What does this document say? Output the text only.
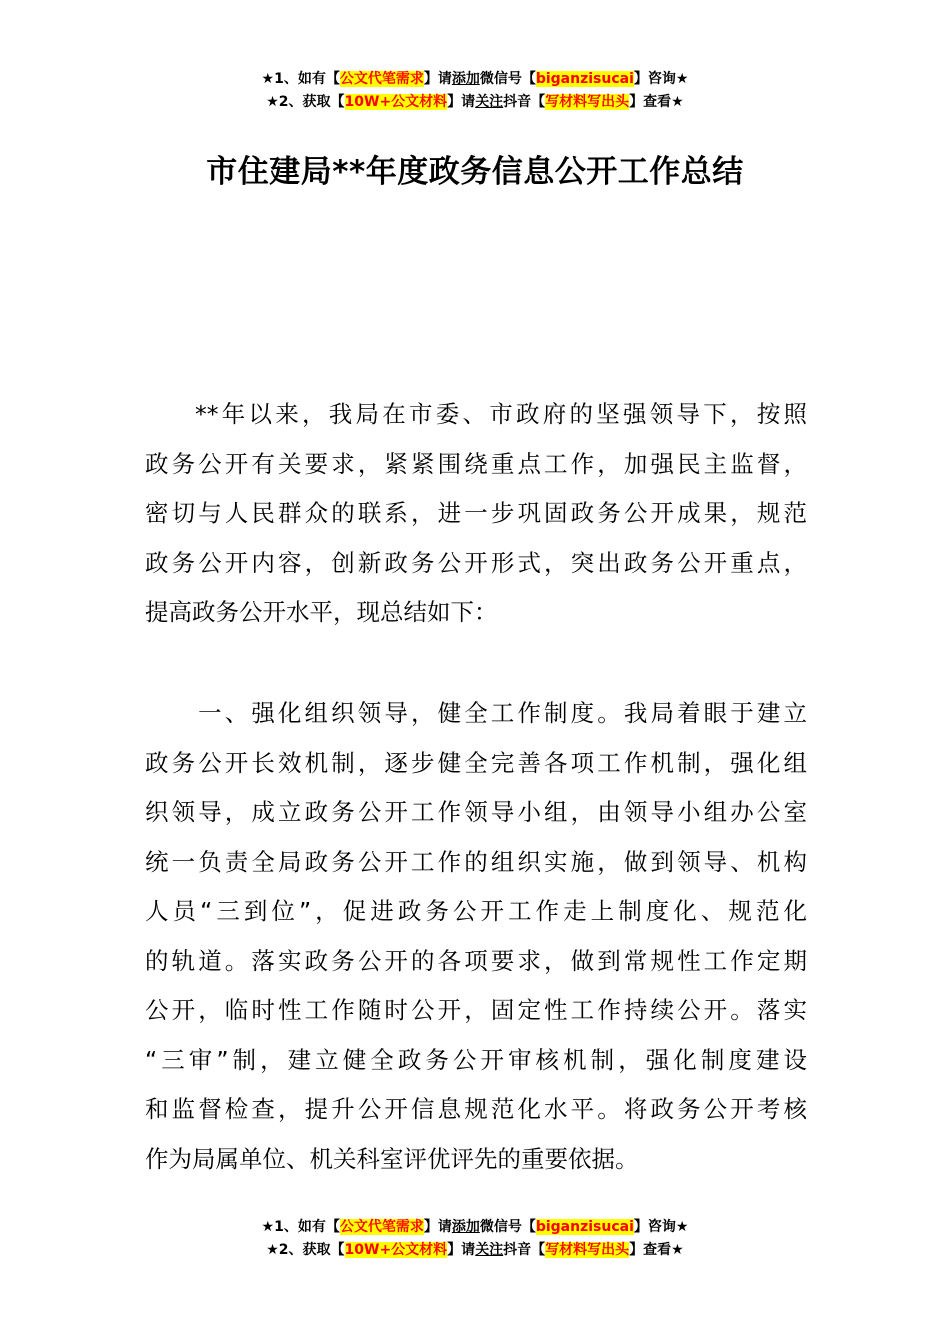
★1、如有【公文代笔需求】请添加微信号【biganzisucai】咨询★
★2、获取【10W+公文材料】请关注抖音【写材料写出头】查看★
市住建局**年度政务信息公开工作总结
**年以来，我局在市委、市政府的坚强领导下，按照
政务公开有关要求，紧紧围绕重点工作，加强民主监督，
密切与人民群众的联系，进一步巩固政务公开成果，规范
政务公开内容，创新政务公开形式，突出政务公开重点，
提高政务公开水平，现总结如下：
一、强化组织领导，健全工作制度。我局着眼于建立
政务公开长效机制，逐步健全完善各项工作机制，强化组
织领导，成立政务公开工作领导小组，由领导小组办公室
统一负责全局政务公开工作的组织实施，做到领导、机构
人员“三到位”，促进政务公开工作走上制度化、规范化
的轨道。落实政务公开的各项要求，做到常规性工作定期
公开，临时性工作随时公开，固定性工作持续公开。落实
“三审”制，建立健全政务公开审核机制，强化制度建设
和监督检查，提升公开信息规范化水平。将政务公开考核
作为局属单位、机关科室评优评先的重要依据。
★1、如有【公文代笔需求】请添加微信号【biganzisucai】咨询★
★2、获取【10W+公文材料】请关注抖音【写材料写出头】查看★
